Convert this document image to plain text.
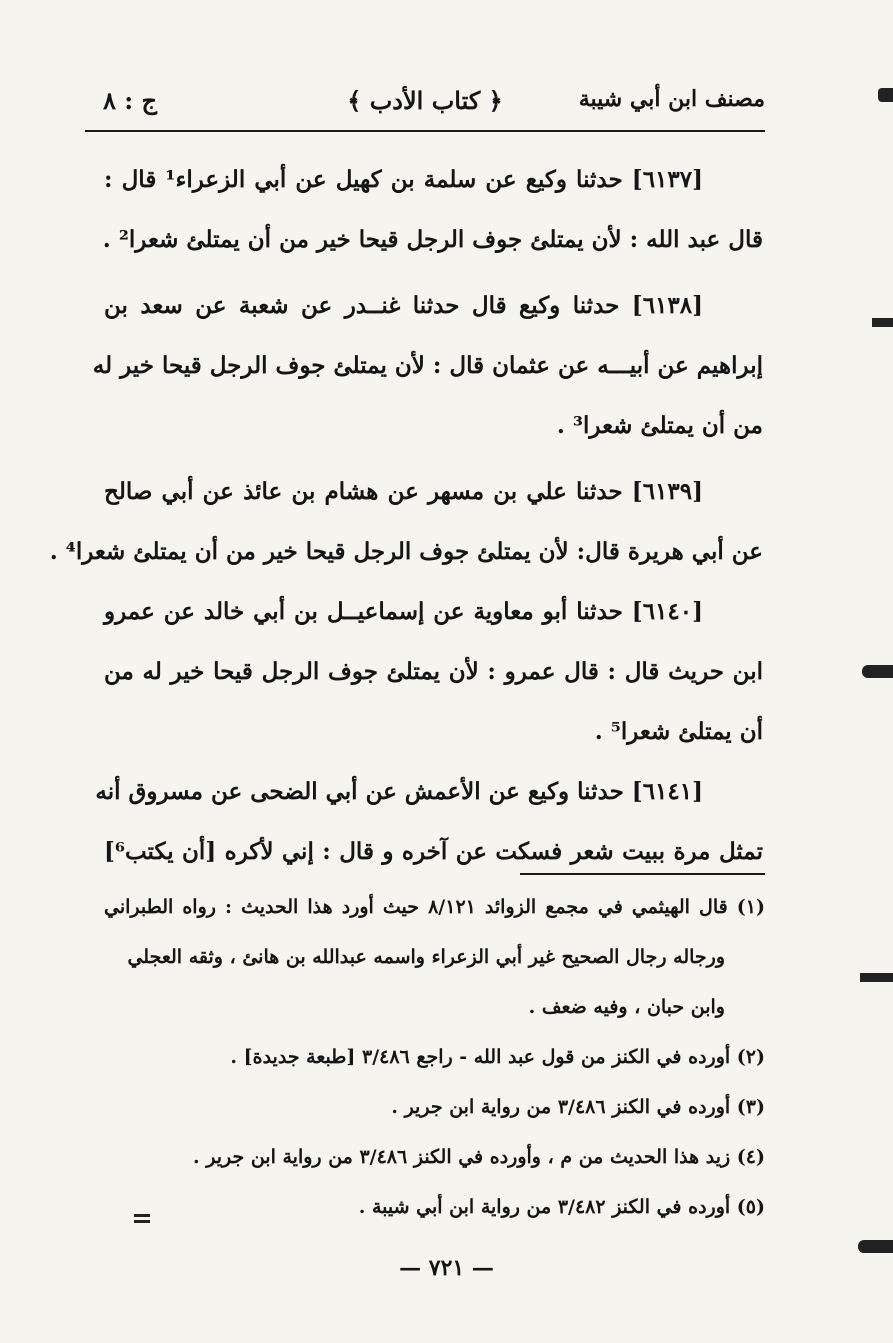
مصنف ابن أبي شيبة
﴿ كتاب الأدب ﴾
ج : ٨
[٦١٣٧] حدثنا وكيع عن سلمة بن كهيل عن أبي الزعراء¹ قال :
قال عبد الله : لأن يمتلئ جوف الرجل قيحا خير من أن يمتلئ شعرا² .
[٦١٣٨] حدثنا وكيع قال حدثنا غنــدر عن شعبة عن سعد بن
إبراهيم عن أبيـــه عن عثمان قال : لأن يمتلئ جوف الرجل قيحا خير له
من أن يمتلئ شعرا³ .
[٦١٣٩] حدثنا علي بن مسهر عن هشام بن عائذ عن أبي صالح
عن أبي هريرة قال: لأن يمتلئ جوف الرجل قيحا خير من أن يمتلئ شعرا⁴ .
[٦١٤٠] حدثنا أبو معاوية عن إسماعيــل بن أبي خالد عن عمرو
ابن حريث قال : قال عمرو : لأن يمتلئ جوف الرجل قيحا خير له من
أن يمتلئ شعرا⁵ .
[٦١٤١] حدثنا وكيع عن الأعمش عن أبي الضحى عن مسروق أنه
تمثل مرة ببيت شعر فسكت عن آخره و قال : إني لأكره [أن يكتب⁶]
(١) قال الهيثمي في مجمع الزوائد ٨/١٢١ حيث أورد هذا الحديث : رواه الطبراني
ورجاله رجال الصحيح غير أبي الزعراء واسمه عبدالله بن هانئ ، وثقه العجلي
وابن حبان ، وفيه ضعف .
(٢) أورده في الكنز من قول عبد الله - راجع ٣/٤٨٦ [طبعة جديدة] .
(٣) أورده في الكنز ٣/٤٨٦ من رواية ابن جرير .
(٤) زيد هذا الحديث من م ، وأورده في الكنز ٣/٤٨٦ من رواية ابن جرير .
(٥) أورده في الكنز ٣/٤٨٢ من رواية ابن أبي شيبة .
— ٧٢١ —
